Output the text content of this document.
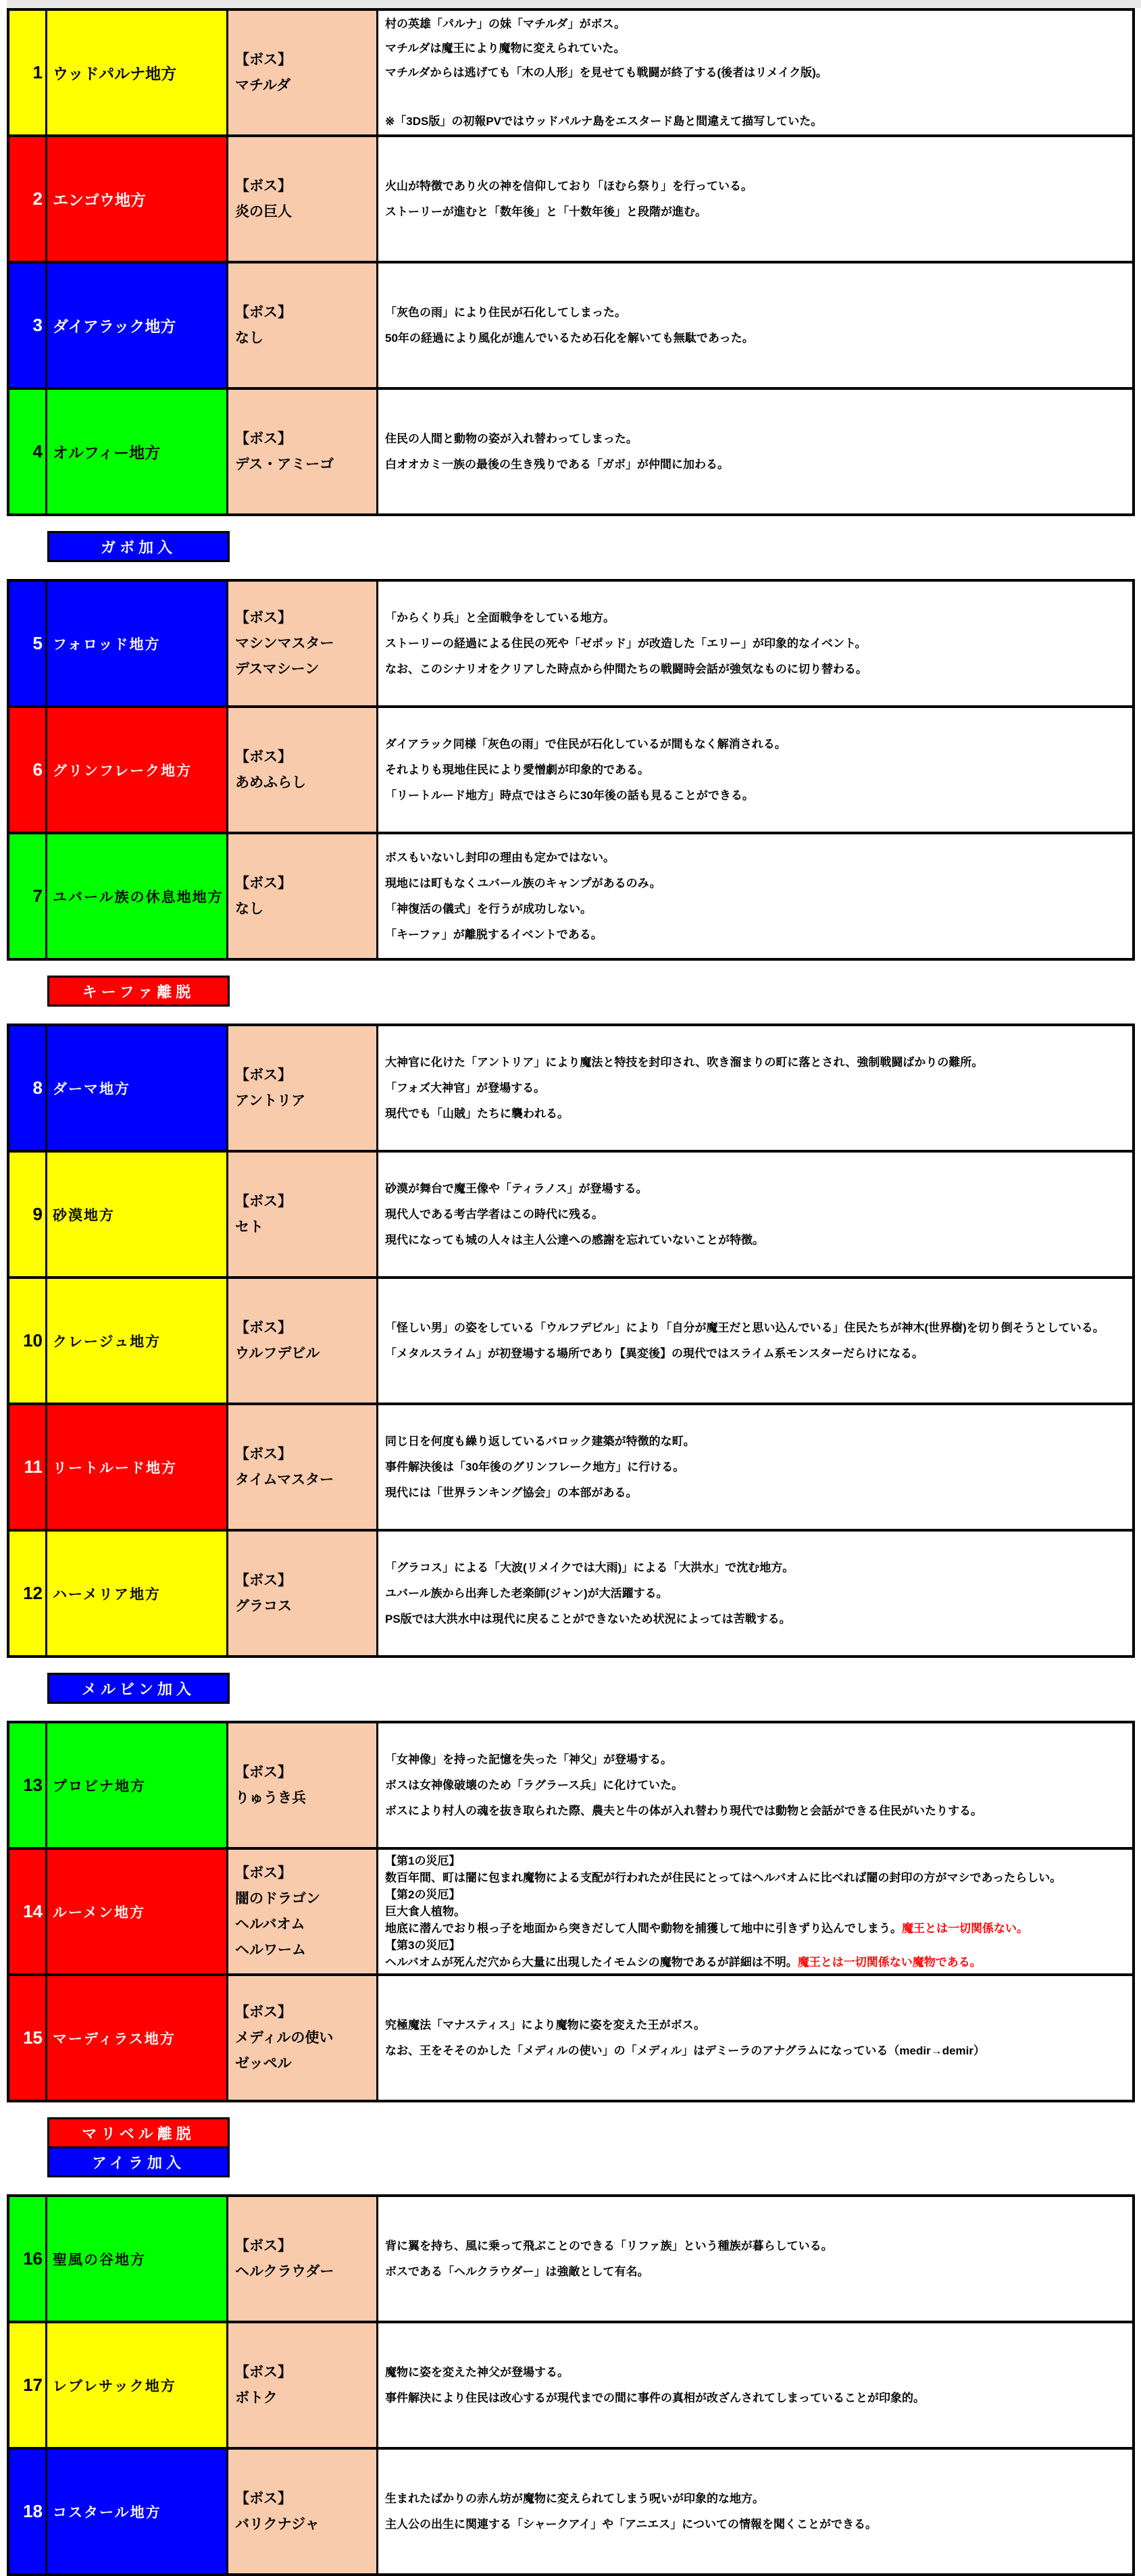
1 ウッドパルナ地方
【ボス】
マチルダ
村の英雄「パルナ」の妹「マチルダ」がボス。
マチルダは魔王により魔物に変えられていた。
マチルダからは逃げても「木の人形」を見せても戦闘が終了する(後者はリメイク版)。
※「3DS版」の初報PVではウッドパルナ島をエスタード島と間違えて描写していた。
2 エンゴウ地方
【ボス】
炎の巨人
火山が特徴であり火の神を信仰しており「ほむら祭り」を行っている。
ストーリーが進むと「数年後」と「十数年後」と段階が進む。
3 ダイアラック地方
【ボス】
なし
「灰色の雨」により住民が石化してしまった。
50年の経過により風化が進んでいるため石化を解いても無駄であった。
4 オルフィー地方
【ボス】
デス・アミーゴ
住民の人間と動物の姿が入れ替わってしまった。
白オオカミ一族の最後の生き残りである「ガボ」が仲間に加わる。
ガボ加入
5 フォロッド地方
【ボス】
マシンマスター
デスマシーン
「からくり兵」と全面戦争をしている地方。
ストーリーの経過による住民の死や「ゼポッド」が改造した「エリー」が印象的なイベント。
なお、このシナリオをクリアした時点から仲間たちの戦闘時会話が強気なものに切り替わる。
6 グリンフレーク地方
【ボス】
あめふらし
ダイアラック同様「灰色の雨」で住民が石化しているが間もなく解消される。
それよりも現地住民により愛憎劇が印象的である。
「リートルード地方」時点ではさらに30年後の話も見ることができる。
7 ユバール族の休息地地方
【ボス】
なし
ボスもいないし封印の理由も定かではない。
現地には町もなくユバール族のキャンプがあるのみ。
「神復活の儀式」を行うが成功しない。
「キーファ」が離脱するイベントである。
キーファ離脱
8 ダーマ地方
【ボス】
アントリア
大神官に化けた「アントリア」により魔法と特技を封印され、吹き溜まりの町に落とされ、強制戦闘ばかりの難所。
「フォズ大神官」が登場する。
現代でも「山賊」たちに襲われる。
9 砂漠地方
【ボス】
セト
砂漠が舞台で魔王像や「ティラノス」が登場する。
現代人である考古学者はこの時代に残る。
現代になっても城の人々は主人公達への感謝を忘れていないことが特徴。
10 クレージュ地方
【ボス】
ウルフデビル
「怪しい男」の姿をしている「ウルフデビル」により「自分が魔王だと思い込んでいる」住民たちが神木(世界樹)を切り倒そうとしている。
「メタルスライム」が初登場する場所であり【異変後】の現代ではスライム系モンスターだらけになる。
11 リートルード地方
【ボス】
タイムマスター
同じ日を何度も繰り返しているバロック建築が特徴的な町。
事件解決後は「30年後のグリンフレーク地方」に行ける。
現代には「世界ランキング協会」の本部がある。
12 ハーメリア地方
【ボス】
グラコス
「グラコス」による「大波(リメイクでは大雨)」による「大洪水」で沈む地方。
ユバール族から出奔した老楽師(ジャン)が大活躍する。
PS版では大洪水中は現代に戻ることができないため状況によっては苦戦する。
メルビン加入
13 プロビナ地方
【ボス】
りゅうき兵
「女神像」を持った記憶を失った「神父」が登場する。
ボスは女神像破壊のため「ラグラース兵」に化けていた。
ボスにより村人の魂を抜き取られた際、農夫と牛の体が入れ替わり現代では動物と会話ができる住民がいたりする。
14 ルーメン地方
【ボス】
闇のドラゴン
ヘルバオム
ヘルワーム
【第1の災厄】
数百年間、町は闇に包まれ魔物による支配が行われたが住民にとってはヘルバオムに比べれば闇の封印の方がマシであったらしい。
【第2の災厄】
巨大食人植物。
地底に潜んでおり根っ子を地面から突きだして人間や動物を捕獲して地中に引きずり込んでしまう。魔王とは一切関係ない。
【第3の災厄】
ヘルバオムが死んだ穴から大量に出現したイモムシの魔物であるが詳細は不明。魔王とは一切関係ない魔物である。
15 マーディラス地方
【ボス】
メディルの使い
ゼッペル
究極魔法「マナスティス」により魔物に姿を変えた王がボス。
なお、王をそそのかした「メディルの使い」の「メディル」はデミーラのアナグラムになっている（medir→demir）
マリベル離脱
アイラ加入
16 聖風の谷地方
【ボス】
ヘルクラウダー
背に翼を持ち、風に乗って飛ぶことのできる「リファ族」という種族が暮らしている。
ボスである「ヘルクラウダー」は強敵として有名。
17 レブレサック地方
【ボス】
ボトク
魔物に姿を変えた神父が登場する。
事件解決により住民は改心するが現代までの間に事件の真相が改ざんされてしまっていることが印象的。
18 コスタール地方
【ボス】
バリクナジャ
生まれたばかりの赤ん坊が魔物に変えられてしまう呪いが印象的な地方。
主人公の出生に関連する「シャークアイ」や「アニエス」についての情報を聞くことができる。
